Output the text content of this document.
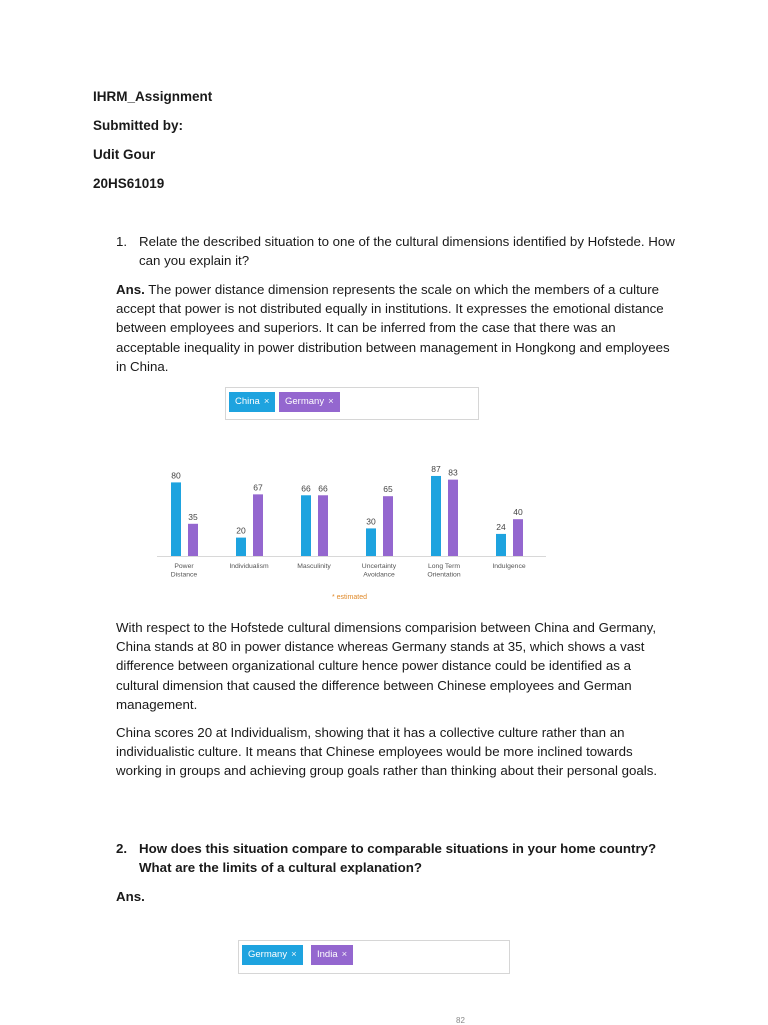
IHRM_Assignment
Submitted by:
Udit Gour
20HS61019
1. Relate the described situation to one of the cultural dimensions identified by Hofstede. How can you explain it?

Ans. The power distance dimension represents the scale on which the members of a culture accept that power is not distributed equally in institutions. It expresses the emotional distance between employees and superiors. It can be inferred from the case that there was an acceptable inequality in power distribution between management in Hongkong and employees in China.

China ×	Germany ×
80
35
Power
Distance
20
67
Individualism
66 66
Masculinity
30
65
Uncertainty
Avoidance
87 83
Long Term
Orientation
24
40
Indulgence
* estimated

With respect to the Hofstede cultural dimensions comparision between China and Germany, China stands at 80 in power distance whereas Germany stands at 35, which shows a vast difference between organizational culture hence power distance could be identified as a cultural dimension that caused the difference between Chinese employees and German management.

China scores 20 at Individualism, showing that it has a collective culture rather than an individualistic culture. It means that Chinese employees would be more inclined towards working in groups and achieving group goals rather than thinking about their personal goals.

2. How does this situation compare to comparable situations in your home country? What are the limits of a cultural explanation?
Ans.
Germany ×	India ×
82
